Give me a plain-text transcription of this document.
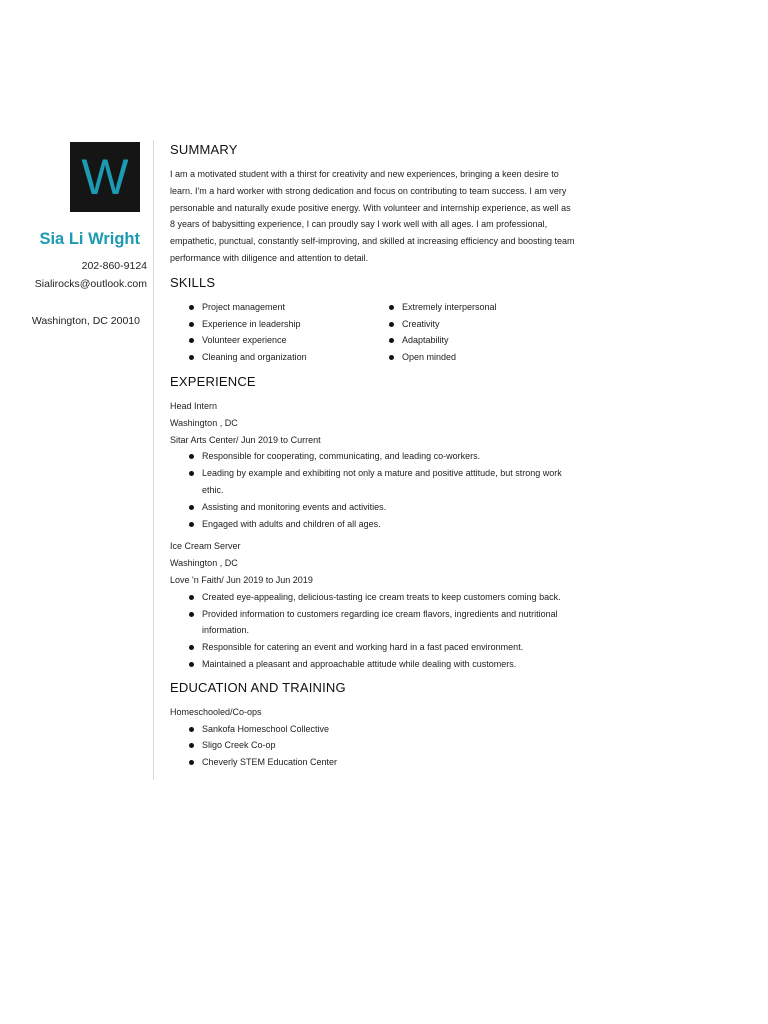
W
Sia Li Wright
202-860-9124
Sialirocks@outlook.com
Washington, DC 20010
SUMMARY

I am a motivated student with a thirst for creativity and new experiences, bringing a keen desire to learn. I'm a hard worker with strong dedication and focus on contributing to team success. I am very personable and naturally exude positive energy. With volunteer and internship experience, as well as 8 years of babysitting experience, I can proudly say I work well with all ages. I am professional, empathetic, punctual, constantly self-improving, and skilled at increasing efficiency and boosting team performance with diligence and attention to detail.

SKILLS
Project management
Experience in leadership
Volunteer experience
Cleaning and organization
Extremely interpersonal
Creativity
Adaptability
Open minded
EXPERIENCE
Head Intern
Washington , DC
Sitar Arts Center/ Jun 2019 to Current
Responsible for cooperating, communicating, and leading co-workers.
Leading by example and exhibiting not only a mature and positive attitude, but strong work ethic.
Assisting and monitoring events and activities.
Engaged with adults and children of all ages.
Ice Cream Server
Washington , DC
Love 'n Faith/ Jun 2019 to Jun 2019
Created eye-appealing, delicious-tasting ice cream treats to keep customers coming back.
Provided information to customers regarding ice cream flavors, ingredients and nutritional information.
Responsible for catering an event and working hard in a fast paced environment.
Maintained a pleasant and approachable attitude while dealing with customers.
EDUCATION AND TRAINING
Homeschooled/Co-ops
Sankofa Homeschool Collective
Sligo Creek Co-op
Cheverly STEM Education Center
